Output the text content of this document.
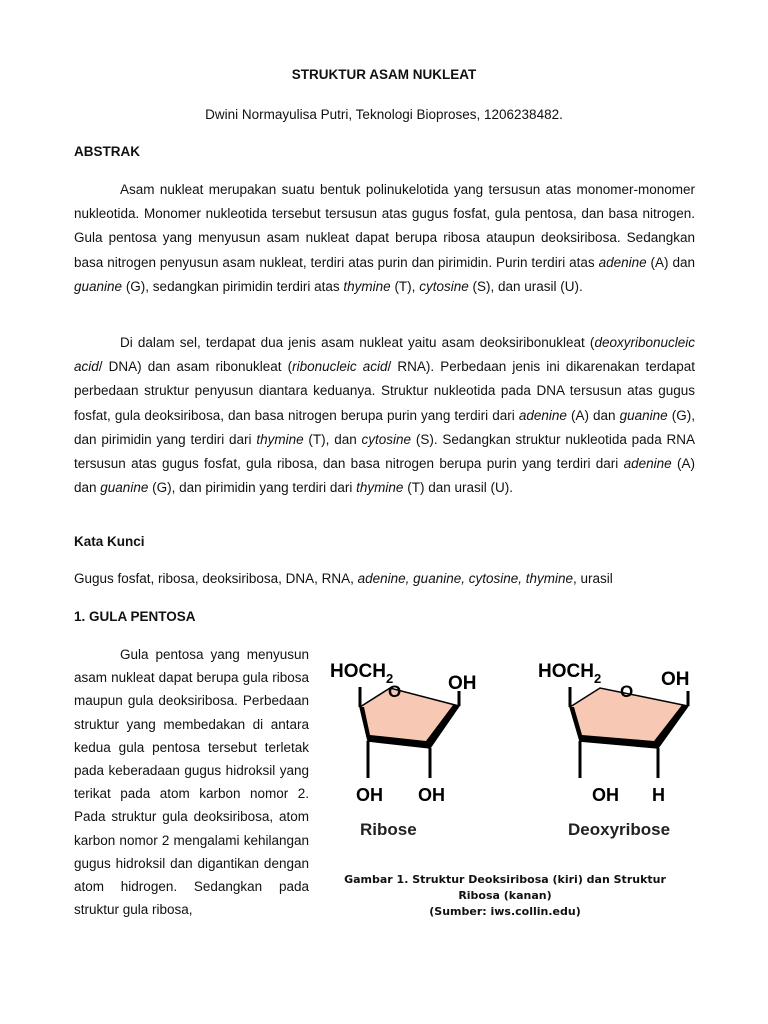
STRUKTUR ASAM NUKLEAT
Dwini Normayulisa Putri, Teknologi Bioproses, 1206238482.
ABSTRAK

Asam nukleat merupakan suatu bentuk polinukelotida yang tersusun atas monomer-monomer nukleotida. Monomer nukleotida tersebut tersusun atas gugus fosfat, gula pentosa, dan basa nitrogen. Gula pentosa yang menyusun asam nukleat dapat berupa ribosa ataupun deoksiribosa. Sedangkan basa nitrogen penyusun asam nukleat, terdiri atas purin dan pirimidin. Purin terdiri atas adenine (A) dan guanine (G), sedangkan pirimidin terdiri atas thymine (T), cytosine (S), dan urasil (U).

Di dalam sel, terdapat dua jenis asam nukleat yaitu asam deoksiribonukleat (deoxyribonucleic acid/ DNA) dan asam ribonukleat (ribonucleic acid/ RNA). Perbedaan jenis ini dikarenakan terdapat perbedaan struktur penyusun diantara keduanya. Struktur nukleotida pada DNA tersusun atas gugus fosfat, gula deoksiribosa, dan basa nitrogen berupa purin yang terdiri dari adenine (A) dan guanine (G), dan pirimidin yang terdiri dari thymine (T), dan cytosine (S). Sedangkan struktur nukleotida pada RNA tersusun atas gugus fosfat, gula ribosa, dan basa nitrogen berupa purin yang terdiri dari adenine (A) dan guanine (G), dan pirimidin yang terdiri dari thymine (T) dan urasil (U).

Kata Kunci
Gugus fosfat, ribosa, deoksiribosa, DNA, RNA, adenine, guanine, cytosine, thymine, urasil
1. GULA PENTOSA

Gula pentosa yang menyusun asam nukleat dapat berupa gula ribosa maupun gula deoksiribosa. Perbedaan struktur yang membedakan di antara kedua gula pentosa tersebut terletak pada keberadaan gugus hidroksil yang terikat pada atom karbon nomor 2. Pada struktur gula deoksiribosa, atom karbon nomor 2 mengalami kehilangan gugus hidroksil dan digantikan dengan atom hidrogen. Sedangkan pada struktur gula ribosa,

$HOCH_2$
O OH
OH OH
Ribose
$HOCH_2$
O
OH
OH H
Deoxyribose
Gambar 1. Struktur Deoksiribosa (kiri) dan Struktur
Ribosa (kanan)
(Sumber: iws.collin.edu)
